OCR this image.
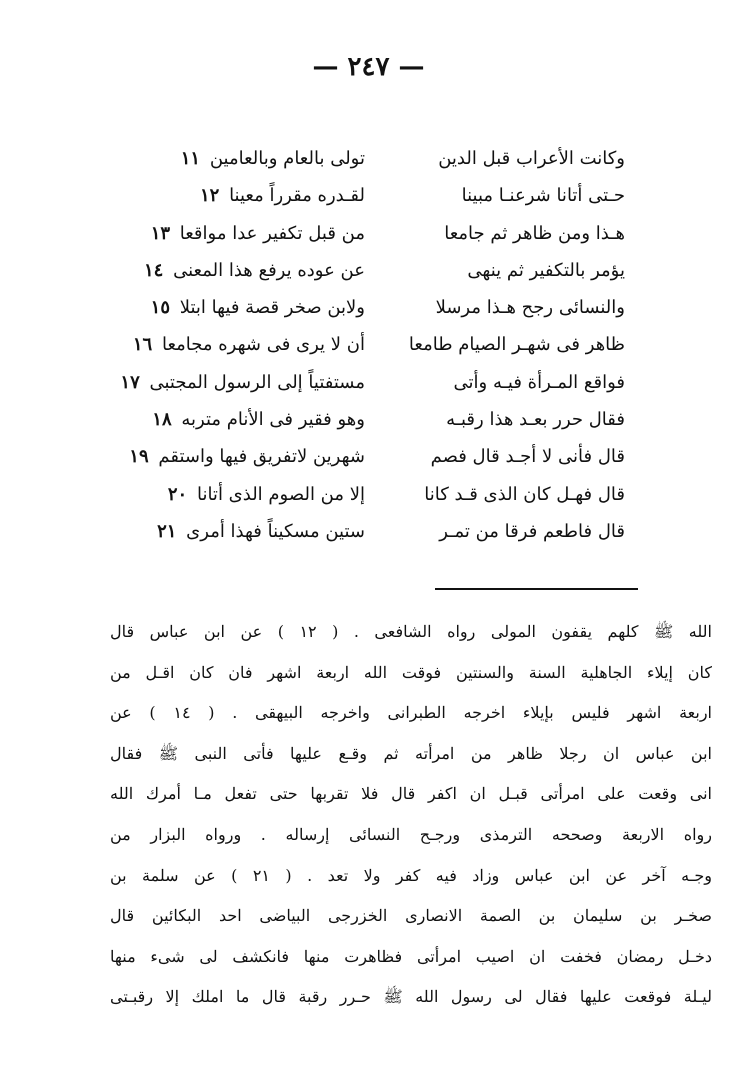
— ٢٤٧ —
وكانت الأعراب قبل الدين
تولى بالعام وبالعامين ١١
حـتى أتانا شرعنـا مبينا
لقـدره مقرراً معينا ١٢
هـذا ومن ظاهر ثم جامعا
من قبل تكفير عدا مواقعا ١٣
يؤمر بالتكفير ثم ينهى
عن عوده يرفع هذا المعنى ١٤
والنسائى رجح هـذا مرسلا
ولابن صخر قصة فيها ابتلا ١٥
ظاهر فى شهـر الصيام طامعا
أن لا يرى فى شهره مجامعا ١٦
فواقع المـرأة فيـه وأتى
مستفتياً إلى الرسول المجتبى ١٧
فقال حرر بعـد هذا رقبـه
وهو فقير فى الأنام متربه ١٨
قال فأنى لا أجـد قال فصم
شهرين لاتفريق فيها واستقم ١٩
قال فهـل كان الذى قـد كانا
إلا من الصوم الذى أتانا ٢٠
قال فاطعم فرقا من تمـر
ستين مسكيناً فهذا أمرى ٢١
الله ﷺ كلهم يقفون المولى رواه الشافعى . ( ١٢ ) عن ابن عباس قال
كان إيلاء الجاهلية السنة والسنتين فوقت الله اربعة اشهر فان كان اقـل من
اربعة اشهر فليس بإيلاء اخرجه الطبرانى واخرجه البيهقى . ( ١٤ ) عن
ابن عباس ان رجلا ظاهر من امرأته ثم وقـع عليها فأتى النبى ﷺ فقال
انى وقعت على امرأتى قبـل ان اكفر قال فلا تقربها حتى تفعل مـا أمرك الله
رواه الاربعة وصححه الترمذى ورجـح النسائى إرساله . ورواه البزار من
وجـه آخر عن ابن عباس وزاد فيه كفر ولا تعد . ( ٢١ ) عن سلمة بن
صخـر بن سليمان بن الصمة الانصارى الخزرجى البياضى احد البكائين قال
دخـل رمضان فخفت ان اصيب امرأتى فظاهرت منها فانكشف لى شىء منها
ليـلة فوقعت عليها فقال لى رسول الله ﷺ حـرر رقبة قال ما املك إلا رقبـتى
